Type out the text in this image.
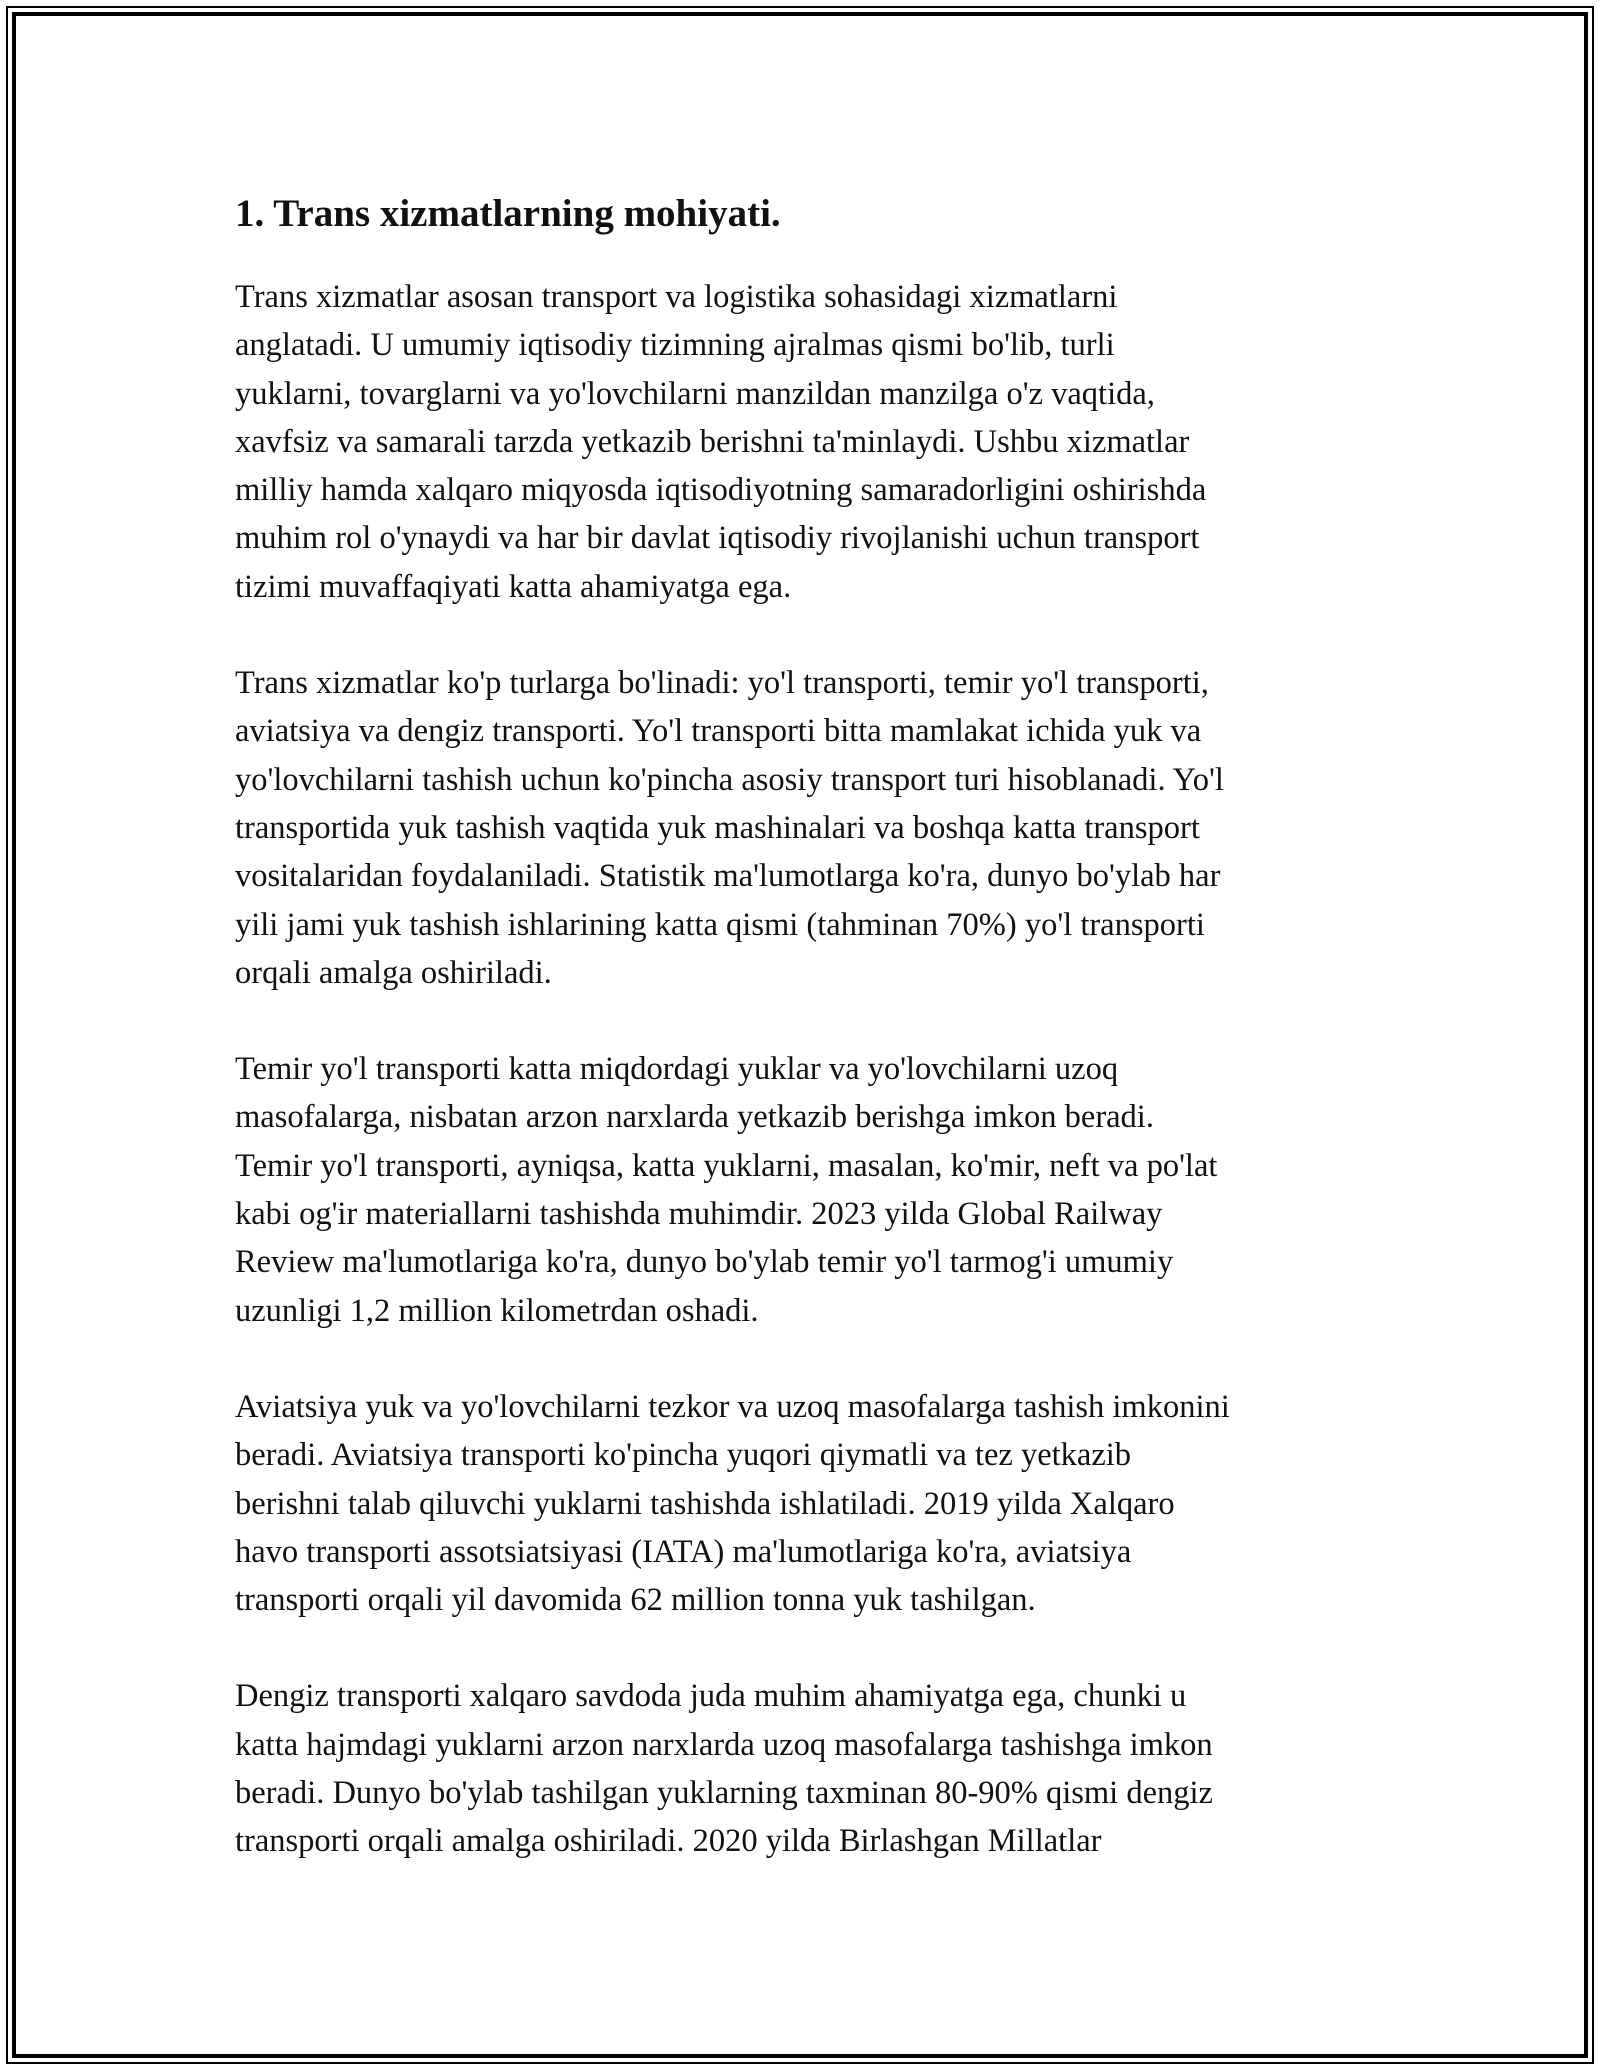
1. Trans xizmatlarning mohiyati.

Trans xizmatlar asosan transport va logistika sohasidagi xizmatlarni
anglatadi. U umumiy iqtisodiy tizimning ajralmas qismi bo'lib, turli
yuklarni, tovarglarni va yo'lovchilarni manzildan manzilga o'z vaqtida,
xavfsiz va samarali tarzda yetkazib berishni ta'minlaydi. Ushbu xizmatlar
milliy hamda xalqaro miqyosda iqtisodiyotning samaradorligini oshirishda
muhim rol o'ynaydi va har bir davlat iqtisodiy rivojlanishi uchun transport
tizimi muvaffaqiyati katta ahamiyatga ega.

Trans xizmatlar ko'p turlarga bo'linadi: yo'l transporti, temir yo'l transporti,
aviatsiya va dengiz transporti. Yo'l transporti bitta mamlakat ichida yuk va
yo'lovchilarni tashish uchun ko'pincha asosiy transport turi hisoblanadi. Yo'l
transportida yuk tashish vaqtida yuk mashinalari va boshqa katta transport
vositalaridan foydalaniladi. Statistik ma'lumotlarga ko'ra, dunyo bo'ylab har
yili jami yuk tashish ishlarining katta qismi (tahminan 70%) yo'l transporti
orqali amalga oshiriladi.

Temir yo'l transporti katta miqdordagi yuklar va yo'lovchilarni uzoq
masofalarga, nisbatan arzon narxlarda yetkazib berishga imkon beradi.
Temir yo'l transporti, ayniqsa, katta yuklarni, masalan, ko'mir, neft va po'lat
kabi og'ir materiallarni tashishda muhimdir. 2023 yilda Global Railway
Review ma'lumotlariga ko'ra, dunyo bo'ylab temir yo'l tarmog'i umumiy
uzunligi 1,2 million kilometrdan oshadi.

Aviatsiya yuk va yo'lovchilarni tezkor va uzoq masofalarga tashish imkonini
beradi. Aviatsiya transporti ko'pincha yuqori qiymatli va tez yetkazib
berishni talab qiluvchi yuklarni tashishda ishlatiladi. 2019 yilda Xalqaro
havo transporti assotsiatsiyasi (IATA) ma'lumotlariga ko'ra, aviatsiya
transporti orqali yil davomida 62 million tonna yuk tashilgan.

Dengiz transporti xalqaro savdoda juda muhim ahamiyatga ega, chunki u
katta hajmdagi yuklarni arzon narxlarda uzoq masofalarga tashishga imkon
beradi. Dunyo bo'ylab tashilgan yuklarning taxminan 80-90% qismi dengiz
transporti orqali amalga oshiriladi. 2020 yilda Birlashgan Millatlar
